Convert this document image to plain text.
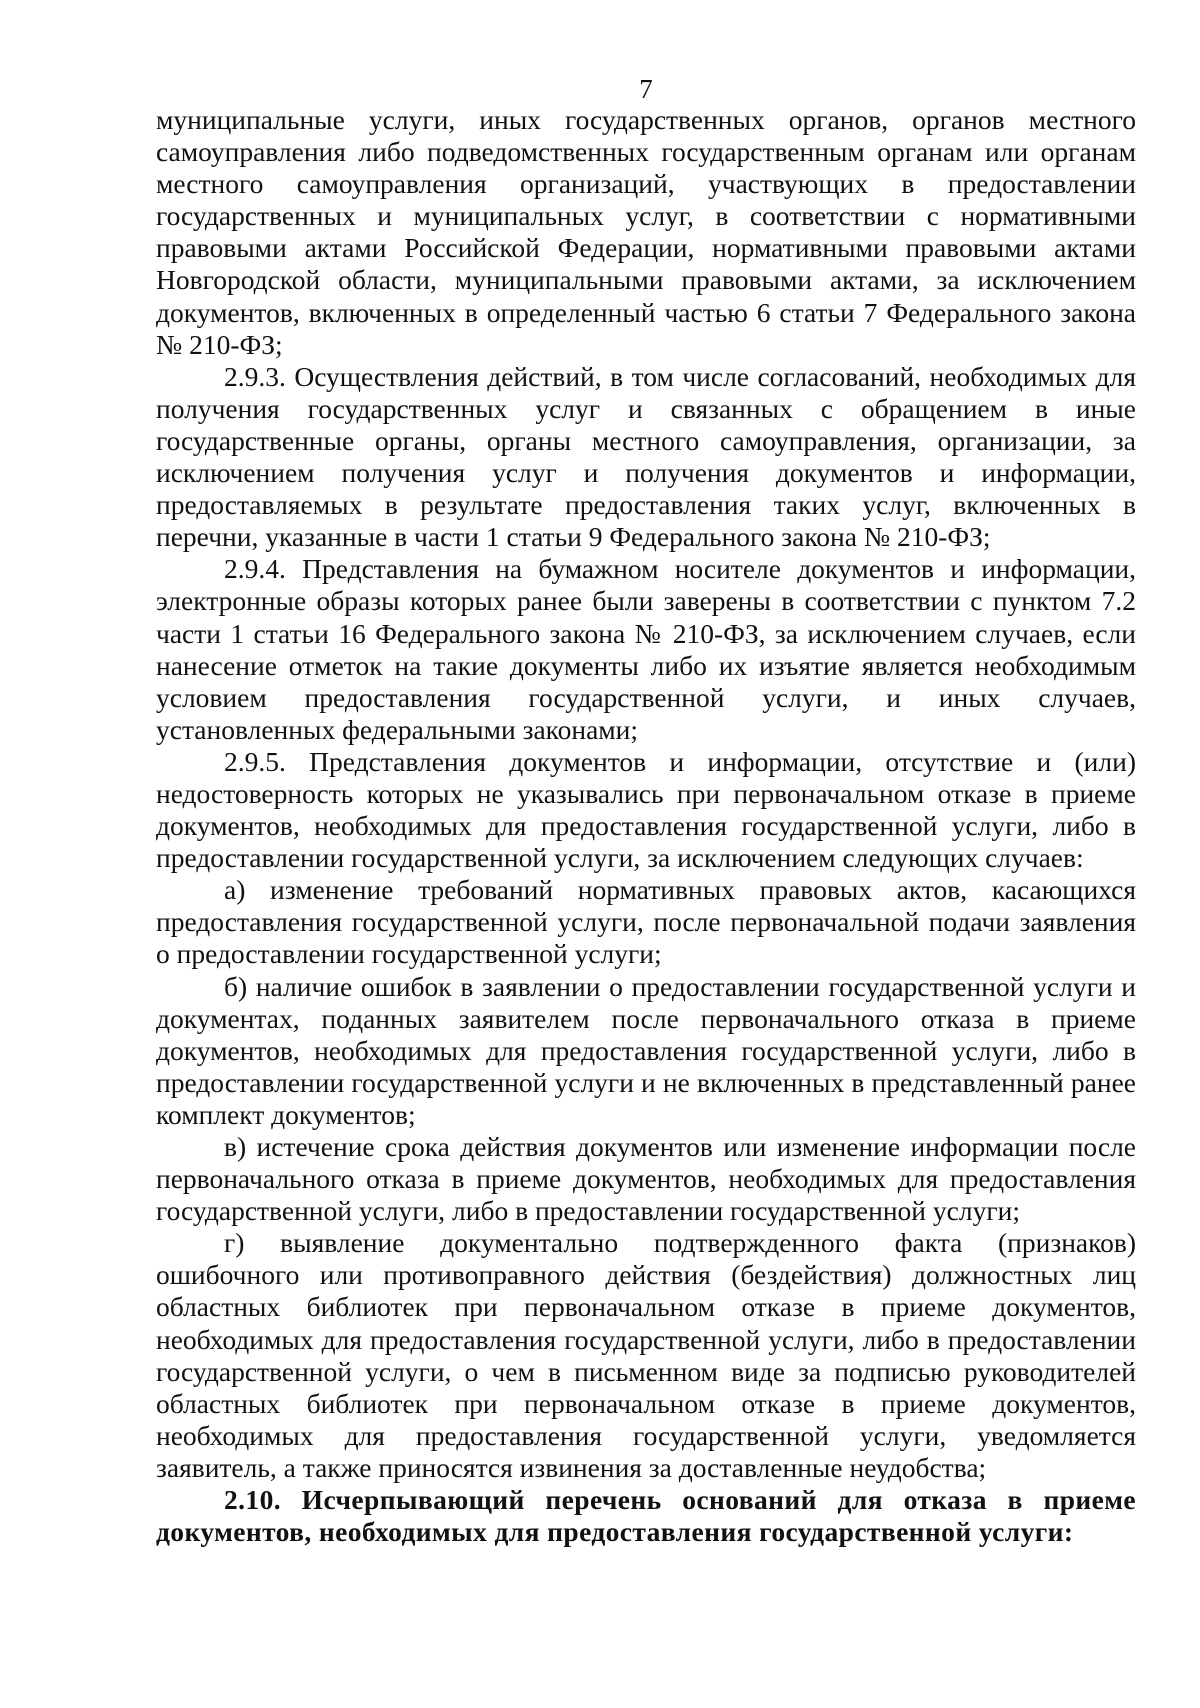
7

муниципальные услуги, иных государственных органов, органов местного самоуправления либо подведомственных государственным органам или органам местного самоуправления организаций, участвующих в предоставлении государственных и муниципальных услуг, в соответствии с нормативными правовыми актами Российской Федерации, нормативными правовыми актами Новгородской области, муниципальными правовыми актами, за исключением документов, включенных в определенный частью 6 статьи 7 Федерального закона № 210-ФЗ;

2.9.3. Осуществления действий, в том числе согласований, необходимых для получения государственных услуг и связанных с обращением в иные государственные органы, органы местного самоуправления, организации, за исключением получения услуг и получения документов и информации, предоставляемых в результате предоставления таких услуг, включенных в перечни, указанные в части 1 статьи 9 Федерального закона № 210-ФЗ;

2.9.4. Представления на бумажном носителе документов и информации, электронные образы которых ранее были заверены в соответствии с пунктом 7.2 части 1 статьи 16 Федерального закона № 210-ФЗ, за исключением случаев, если нанесение отметок на такие документы либо их изъятие является необходимым условием предоставления государственной услуги, и иных случаев, установленных федеральными законами;

2.9.5. Представления документов и информации, отсутствие и (или) недостоверность которых не указывались при первоначальном отказе в приеме документов, необходимых для предоставления государственной услуги, либо в предоставлении государственной услуги, за исключением следующих случаев:

а) изменение требований нормативных правовых актов, касающихся предоставления государственной услуги, после первоначальной подачи заявления о предоставлении государственной услуги;

б) наличие ошибок в заявлении о предоставлении государственной услуги и документах, поданных заявителем после первоначального отказа в приеме документов, необходимых для предоставления государственной услуги, либо в предоставлении государственной услуги и не включенных в представленный ранее комплект документов;

в) истечение срока действия документов или изменение информации после первоначального отказа в приеме документов, необходимых для предоставления государственной услуги, либо в предоставлении государственной услуги;

г) выявление документально подтвержденного факта (признаков) ошибочного или противоправного действия (бездействия) должностных лиц областных библиотек при первоначальном отказе в приеме документов, необходимых для предоставления государственной услуги, либо в предоставлении государственной услуги, о чем в письменном виде за подписью руководителей областных библиотек при первоначальном отказе в приеме документов, необходимых для предоставления государственной услуги, уведомляется заявитель, а также приносятся извинения за доставленные неудобства;

2.10. Исчерпывающий перечень оснований для отказа в приеме документов, необходимых для предоставления государственной услуги:
